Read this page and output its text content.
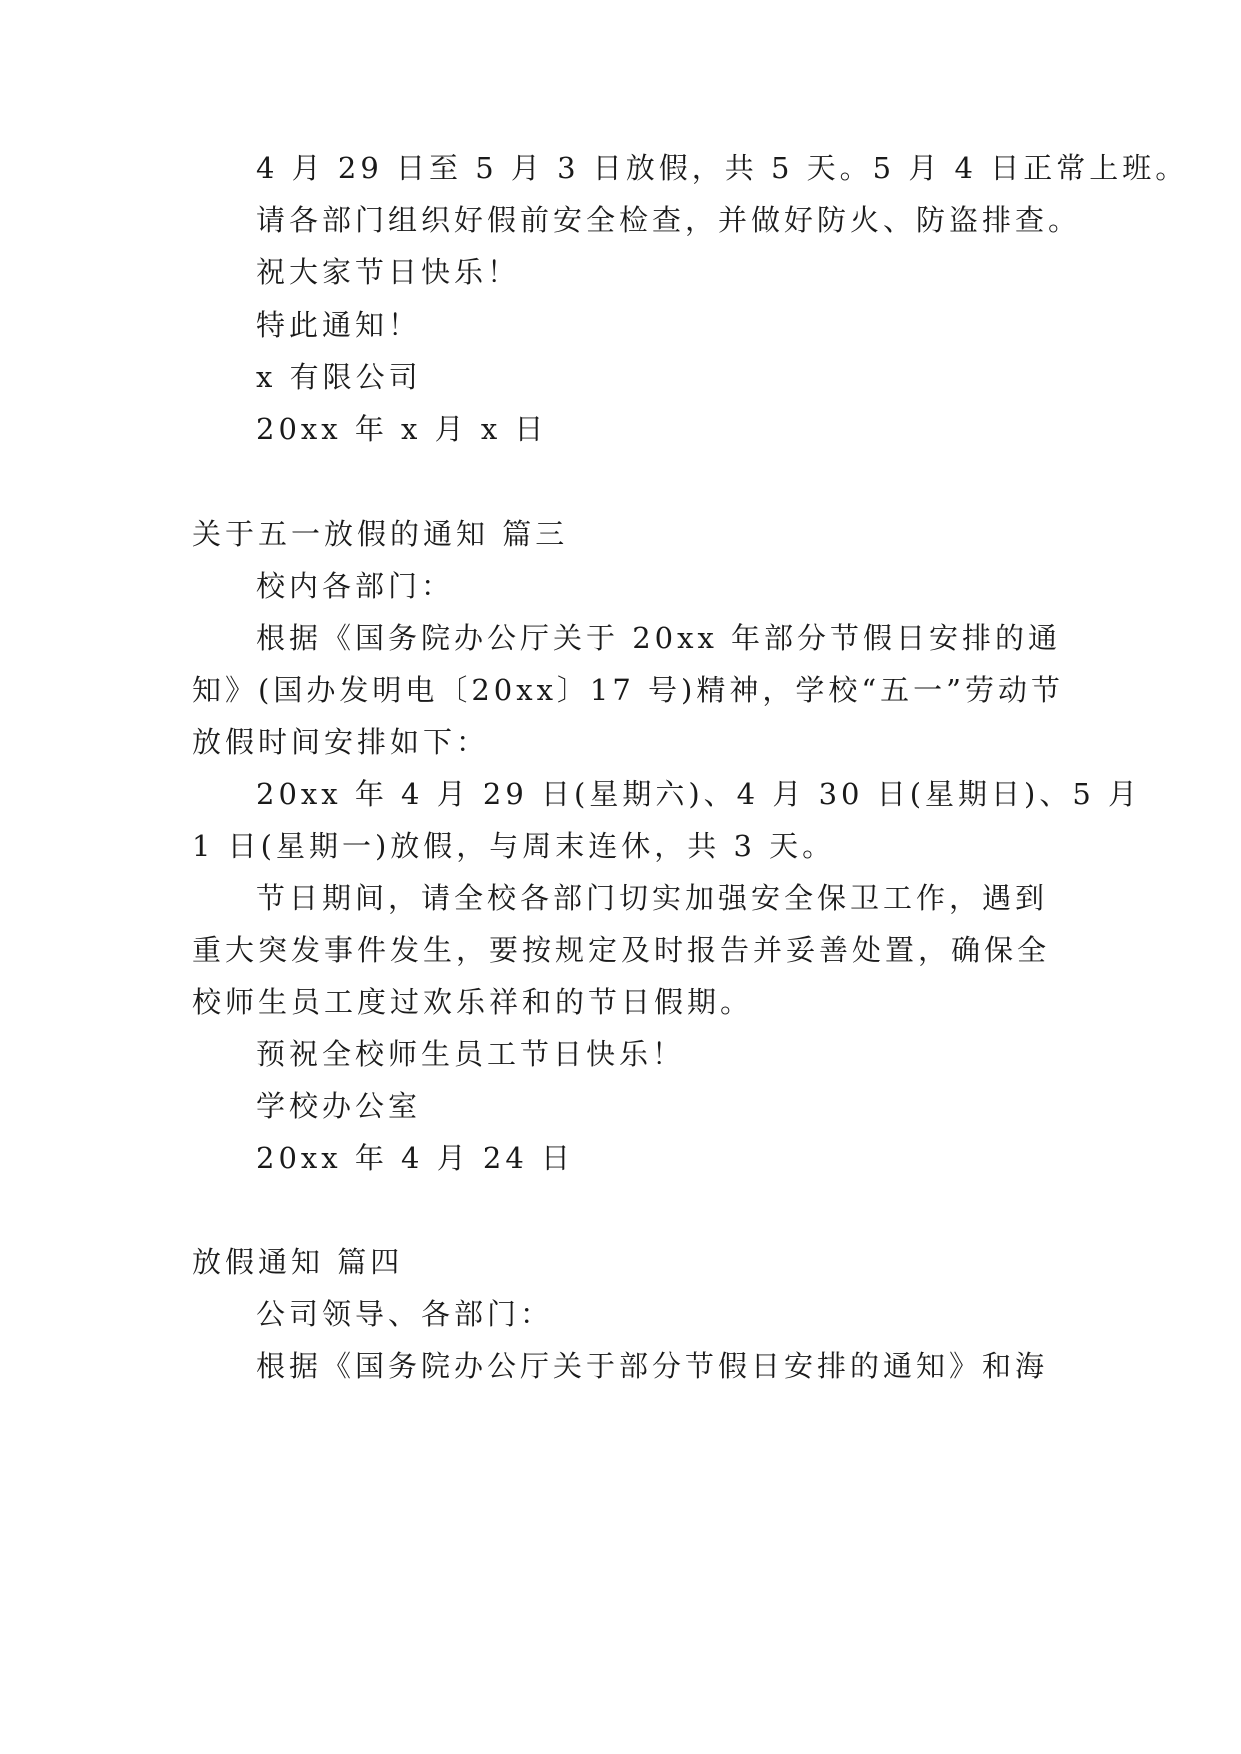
4 月 29 日至 5 月 3 日放假，共 5 天。5 月 4 日正常上班。
请各部门组织好假前安全检查，并做好防火、防盗排查。
祝大家节日快乐！
特此通知！
x 有限公司
20xx 年 x 月 x 日
关于五一放假的通知 篇三
校内各部门：
根据《国务院办公厅关于 20xx 年部分节假日安排的通
知》(国办发明电〔20xx〕17 号)精神，学校“五一”劳动节
放假时间安排如下：
20xx 年 4 月 29 日(星期六)、4 月 30 日(星期日)、5 月
1 日(星期一)放假，与周末连休，共 3 天。
节日期间，请全校各部门切实加强安全保卫工作，遇到
重大突发事件发生，要按规定及时报告并妥善处置，确保全
校师生员工度过欢乐祥和的节日假期。
预祝全校师生员工节日快乐！
学校办公室
20xx 年 4 月 24 日
放假通知 篇四
公司领导、各部门：
根据《国务院办公厅关于部分节假日安排的通知》和海
